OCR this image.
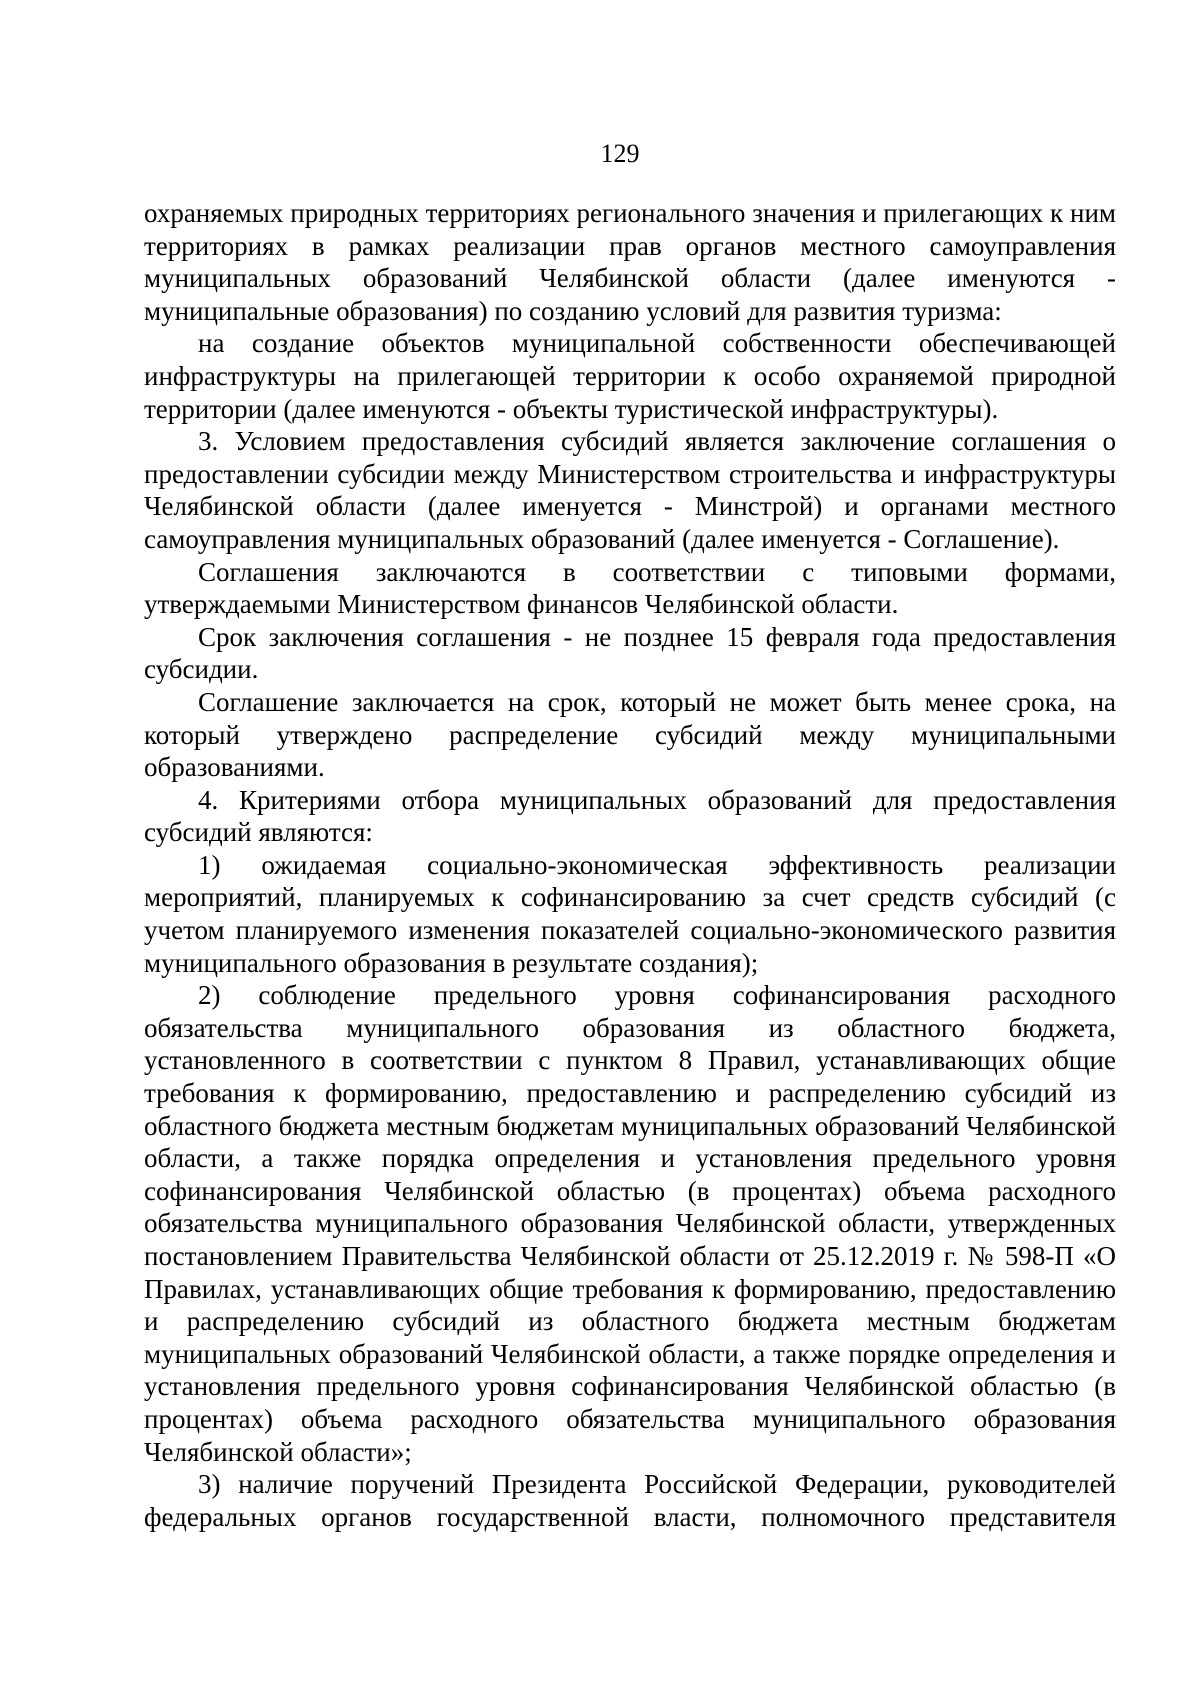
129

охраняемых природных территориях регионального значения и прилегающих к ним территориях в рамках реализации прав органов местного самоуправления муниципальных образований Челябинской области (далее именуются - муниципальные образования) по созданию условий для развития туризма:

на создание объектов муниципальной собственности обеспечивающей инфраструктуры на прилегающей территории к особо охраняемой природной территории (далее именуются - объекты туристической инфраструктуры).

3. Условием предоставления субсидий является заключение соглашения о предоставлении субсидии между Министерством строительства и инфраструктуры Челябинской области (далее именуется - Минстрой) и органами местного самоуправления муниципальных образований (далее именуется - Соглашение).

Соглашения заключаются в соответствии с типовыми формами, утверждаемыми Министерством финансов Челябинской области.

Срок заключения соглашения - не позднее 15 февраля года предоставления субсидии.

Соглашение заключается на срок, который не может быть менее срока, на который утверждено распределение субсидий между муниципальными образованиями.

4. Критериями отбора муниципальных образований для предоставления субсидий являются:

1) ожидаемая социально-экономическая эффективность реализации мероприятий, планируемых к софинансированию за счет средств субсидий (с учетом планируемого изменения показателей социально-экономического развития муниципального образования в результате создания);

2) соблюдение предельного уровня софинансирования расходного обязательства муниципального образования из областного бюджета, установленного в соответствии с пунктом 8 Правил, устанавливающих общие требования к формированию, предоставлению и распределению субсидий из областного бюджета местным бюджетам муниципальных образований Челябинской области, а также порядка определения и установления предельного уровня софинансирования Челябинской областью (в процентах) объема расходного обязательства муниципального образования Челябинской области, утвержденных постановлением Правительства Челябинской области от 25.12.2019 г. № 598-П «О Правилах, устанавливающих общие требования к формированию, предоставлению и распределению субсидий из областного бюджета местным бюджетам муниципальных образований Челябинской области, а также порядке определения и установления предельного уровня софинансирования Челябинской областью (в процентах) объема расходного обязательства муниципального образования Челябинской области»;

3) наличие поручений Президента Российской Федерации, руководителей федеральных органов государственной власти, полномочного представителя
